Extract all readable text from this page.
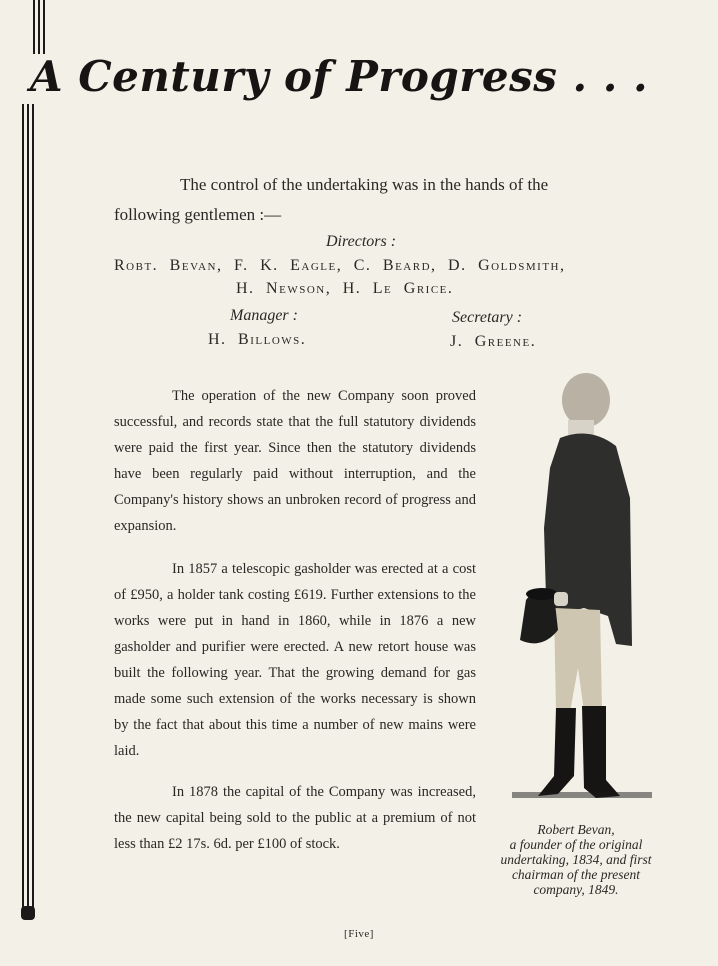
A Century of Progress . . .
The control of the undertaking was in the hands of the following gentlemen :—
Directors :
Robt. Bevan, F. K. Eagle, C. Beard, D. Goldsmith,
H. Newson, H. Le Grice.
Manager :
H. Billows.
Secretary :
J. Greene.

The operation of the new Company soon proved successful, and records state that the full statutory dividends were paid the first year. Since then the statutory dividends have been regularly paid without interruption, and the Company's history shows an unbroken record of progress and expansion.

In 1857 a telescopic gasholder was erected at a cost of £950, a holder tank costing £619. Further extensions to the works were put in hand in 1860, while in 1876 a new gasholder and purifier were erected. A new retort house was built the following year. That the growing demand for gas made some such extension of the works necessary is shown by the fact that about this time a number of new mains were laid.

In 1878 the capital of the Company was increased, the new capital being sold to the public at a premium of not less than £2 17s. 6d. per £100 of stock.

Robert Bevan,
a founder of the original undertaking, 1834, and first chairman of the present company, 1849.
[Five]
